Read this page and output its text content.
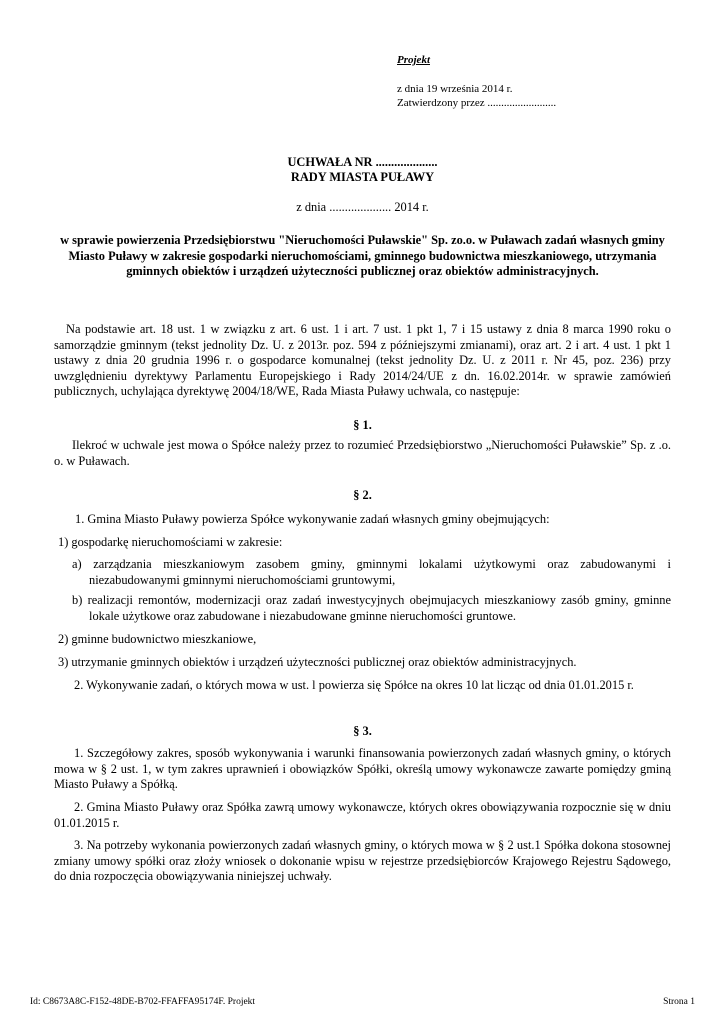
Projekt
z dnia 19 września 2014 r.
Zatwierdzony przez .........................
UCHWAŁA NR ....................
RADY MIASTA PUŁAWY
z dnia .................... 2014 r.
w sprawie powierzenia Przedsiębiorstwu "Nieruchomości Puławskie" Sp. zo.o. w Puławach zadań własnych gminy Miasto Puławy w zakresie gospodarki nieruchomościami, gminnego budownictwa mieszkaniowego, utrzymania gminnych obiektów i urządzeń użyteczności publicznej oraz obiektów administracyjnych.
Na podstawie art. 18 ust. 1 w związku z art. 6 ust. 1 i art. 7 ust. 1 pkt 1, 7 i 15 ustawy z dnia 8 marca 1990 roku o samorządzie gminnym (tekst jednolity Dz. U. z 2013r. poz. 594 z późniejszymi zmianami), oraz art. 2 i art. 4 ust. 1 pkt 1 ustawy z dnia 20 grudnia 1996 r. o gospodarce komunalnej (tekst jednolity Dz. U. z 2011 r. Nr 45, poz. 236) przy uwzględnieniu dyrektywy Parlamentu Europejskiego i Rady 2014/24/UE z dn. 16.02.2014r. w sprawie zamówień publicznych, uchylająca dyrektywę 2004/18/WE, Rada Miasta Puławy uchwala, co następuje:
§ 1.
Ilekroć w uchwale jest mowa o Spółce należy przez to rozumieć Przedsiębiorstwo „Nieruchomości Puławskie” Sp. z .o. o. w Puławach.
§ 2.
1. Gmina Miasto Puławy powierza Spółce wykonywanie zadań własnych gminy obejmujących:
1) gospodarkę nieruchomościami w zakresie:
a) zarządzania mieszkaniowym zasobem gminy, gminnymi lokalami użytkowymi oraz zabudowanymi i niezabudowanymi gminnymi nieruchomościami gruntowymi,
b) realizacji remontów, modernizacji oraz zadań inwestycyjnych obejmujacych mieszkaniowy zasób gminy, gminne lokale użytkowe oraz zabudowane i niezabudowane gminne nieruchomości gruntowe.
2) gminne budownictwo mieszkaniowe,
3) utrzymanie gminnych obiektów i urządzeń użyteczności publicznej oraz obiektów administracyjnych.
2. Wykonywanie zadań, o których mowa w ust. l powierza się Spółce na okres 10 lat licząc od dnia 01.01.2015 r.
§ 3.
1. Szczegółowy zakres, sposób wykonywania i warunki finansowania powierzonych zadań własnych gminy, o których mowa w § 2 ust. 1, w tym zakres uprawnień i obowiązków Spółki, określą umowy wykonawcze zawarte pomiędzy gminą Miasto Puławy a Spółką.
2. Gmina Miasto Puławy oraz Spółka zawrą umowy wykonawcze, których okres obowiązywania rozpocznie się w dniu 01.01.2015 r.
3. Na potrzeby wykonania powierzonych zadań własnych gminy, o których mowa w § 2 ust.1 Spółka dokona stosownej zmiany umowy spółki oraz złoży wniosek o dokonanie wpisu w rejestrze przedsiębiorców Krajowego Rejestru Sądowego, do dnia rozpoczęcia obowiązywania niniejszej uchwały.
Id: C8673A8C-F152-48DE-B702-FFAFFA95174F. Projekt	Strona 1
